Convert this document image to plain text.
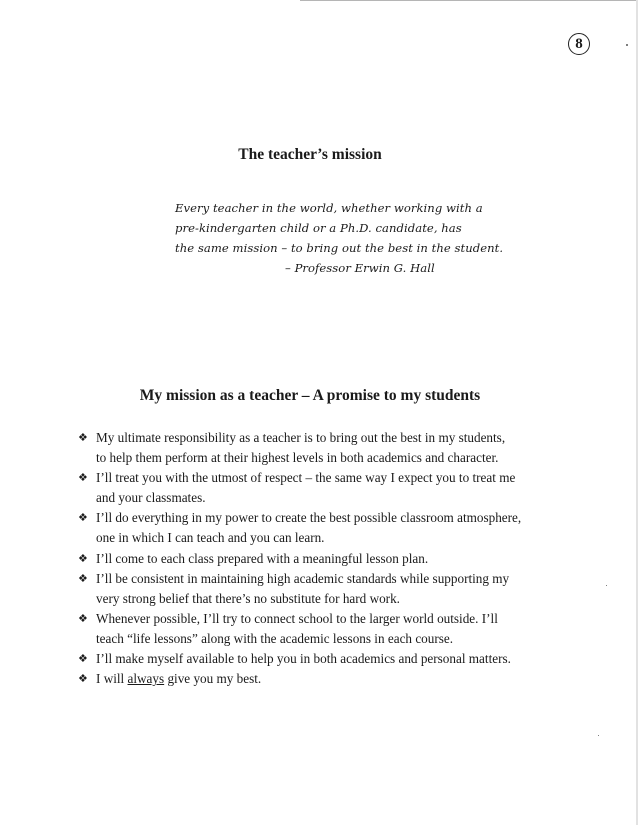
8
The teacher’s mission
Every teacher in the world, whether working with a
pre-kindergarten child or a Ph.D. candidate, has
the same mission – to bring out the best in the student.
– Professor Erwin G. Hall
My mission as a teacher – A promise to my students
❖ My ultimate responsibility as a teacher is to bring out the best in my students,
to help them perform at their highest levels in both academics and character.
❖ I’ll treat you with the utmost of respect – the same way I expect you to treat me
and your classmates.
❖ I’ll do everything in my power to create the best possible classroom atmosphere,
one in which I can teach and you can learn.
❖ I’ll come to each class prepared with a meaningful lesson plan.
❖ I’ll be consistent in maintaining high academic standards while supporting my
very strong belief that there’s no substitute for hard work.
❖ Whenever possible, I’ll try to connect school to the larger world outside. I’ll
teach “life lessons” along with the academic lessons in each course.
❖ I’ll make myself available to help you in both academics and personal matters.
❖ I will always give you my best.
